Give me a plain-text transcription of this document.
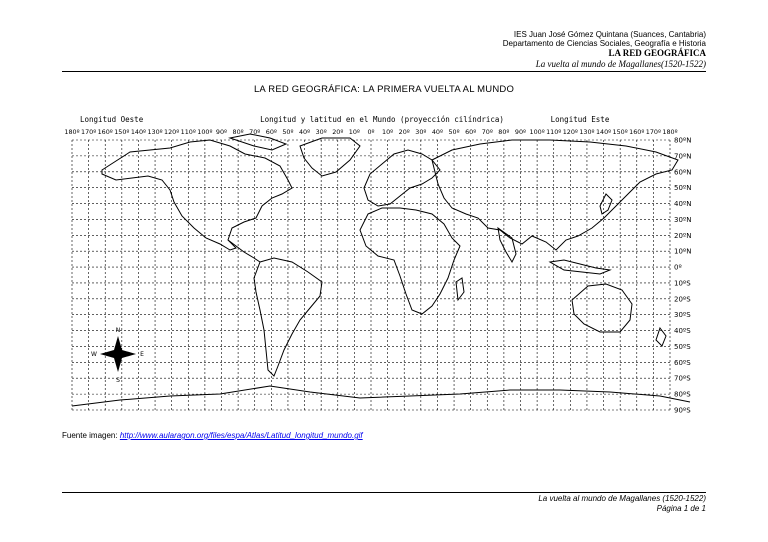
IES Juan José Gómez Quintana (Suances, Cantabria)
Departamento de Ciencias Sociales, Geografía e Historia
LA RED GEOGRÁFICA
La vuelta al mundo de Magallanes(1520-1522)
LA RED GEOGRÁFICA: LA PRIMERA VUELTA AL MUNDO
Longitud Oeste	Longitud y latitud en el Mundo (proyección cilíndrica)	Longitud Este
180º 170º 160º 150º 140º 130º 120º 110º 100º 90º 80º 70º 60º 50º 40º 30º 20º 10º 0º 10º 20º 30º 40º 50º 60º 70º 80º 90º 100º 110º 120º 130º 140º 150º 160º 170º 180º
80ºN
70ºN
60ºN
50ºN
40ºN
30ºN
20ºN
10ºN
0º
10ºS
20ºS
30ºS
40ºS
50ºS
60ºS
70ºS
80ºS
90ºS
N
S
E
W
Fuente imagen: http://www.aularagon.org/files/espa/Atlas/Latitud_longitud_mundo.gif
La vuelta al mundo de Magallanes (1520-1522)
Página 1 de 1
